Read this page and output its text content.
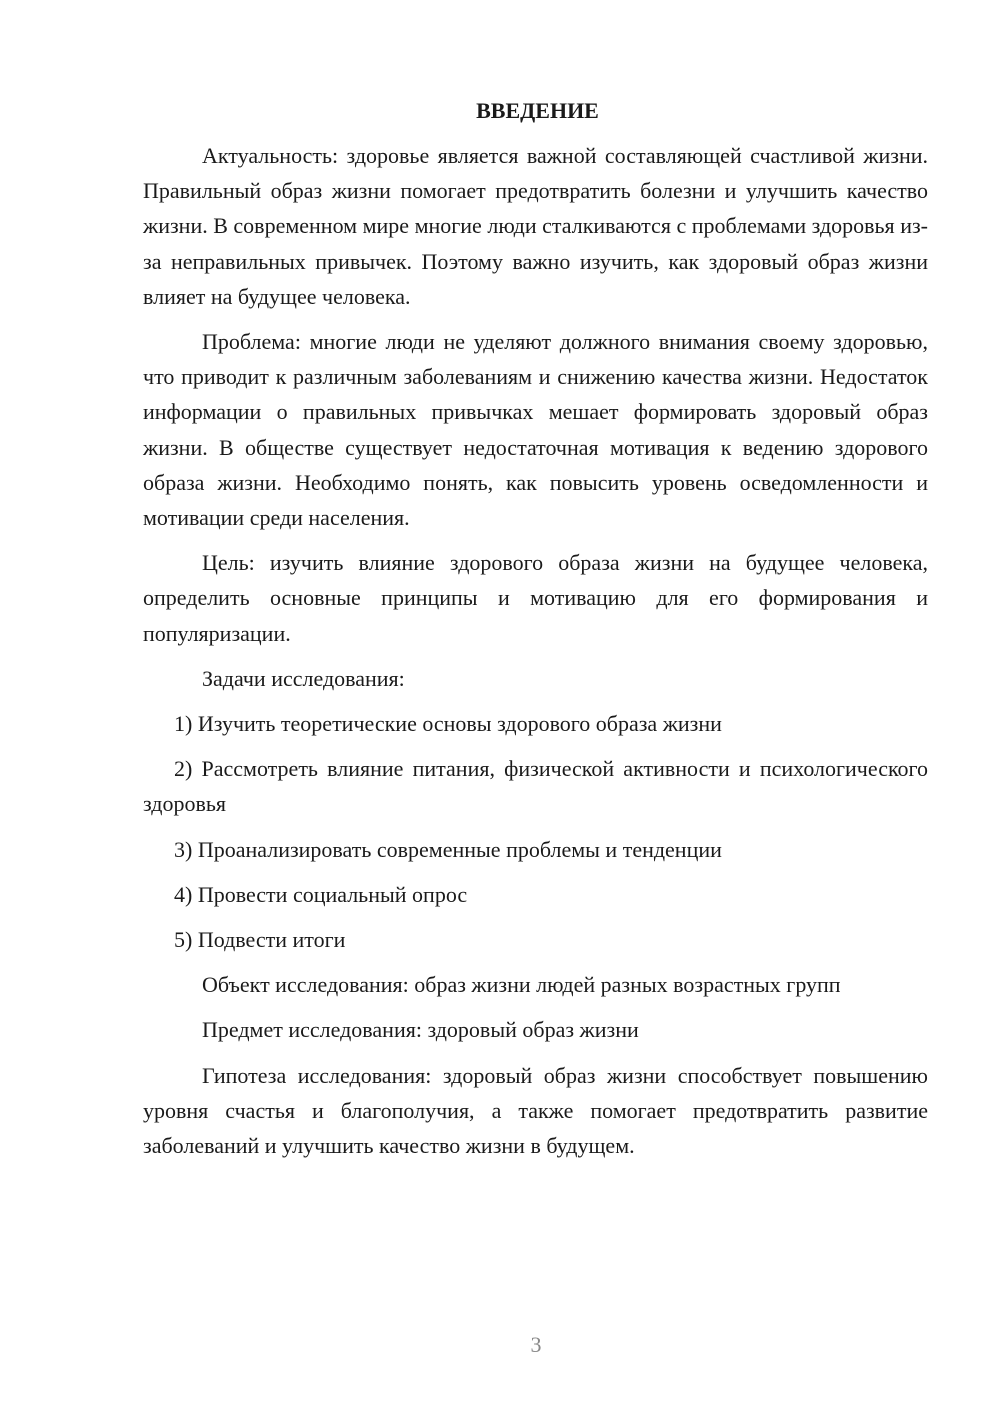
ВВЕДЕНИЕ

Актуальность: здоровье является важной составляющей счастливой жизни. Правильный образ жизни помогает предотвратить болезни и улучшить качество жизни. В современном мире многие люди сталкиваются с проблемами здоровья из-за неправильных привычек. Поэтому важно изучить, как здоровый образ жизни влияет на будущее человека.

Проблема: многие люди не уделяют должного внимания своему здоровью, что приводит к различным заболеваниям и снижению качества жизни. Недостаток информации о правильных привычках мешает формировать здоровый образ жизни. В обществе существует недостаточная мотивация к ведению здорового образа жизни. Необходимо понять, как повысить уровень осведомленности и мотивации среди населения.

Цель: изучить влияние здорового образа жизни на будущее человека, определить основные принципы и мотивацию для его формирования и популяризации.

Задачи исследования:

1) Изучить теоретические основы здорового образа жизни

2) Рассмотреть влияние питания, физической активности и психологического здоровья

3) Проанализировать современные проблемы и тенденции

4) Провести социальный опрос

5) Подвести итоги

Объект исследования: образ жизни людей разных возрастных групп

Предмет исследования: здоровый образ жизни

Гипотеза исследования: здоровый образ жизни способствует повышению уровня счастья и благополучия, а также помогает предотвратить развитие заболеваний и улучшить качество жизни в будущем.

3
